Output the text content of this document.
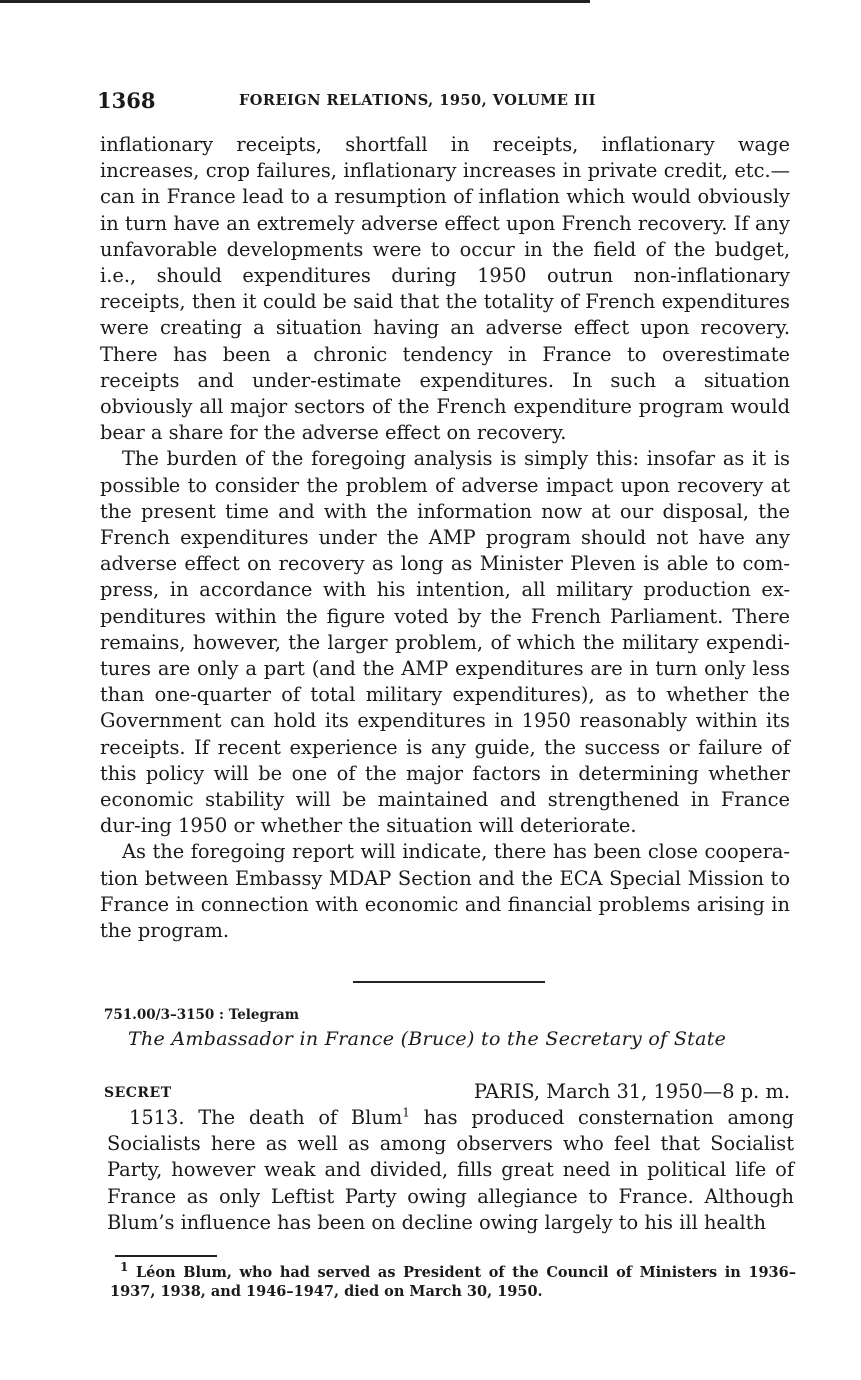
1368	FOREIGN RELATIONS, 1950, VOLUME III

inflationary receipts, shortfall in receipts, inflationary wage increases, crop failures, inflationary increases in private credit, etc.—can in France lead to a resumption of inflation which would obviously in turn have an extremely adverse effect upon French recovery. If any unfavorable developments were to occur in the field of the budget, i.e., should expenditures during 1950 outrun non-inflationary receipts, then it could be said that the totality of French expenditures were creating a situation having an adverse effect upon recovery. There has been a chronic tendency in France to overestimate receipts and under-estimate expenditures. In such a situation obviously all major sectors of the French expenditure program would bear a share for the adverse effect on recovery.

The burden of the foregoing analysis is simply this: insofar as it is possible to consider the problem of adverse impact upon recovery at the present time and with the information now at our disposal, the French expenditures under the AMP program should not have any adverse effect on recovery as long as Minister Pleven is able to com-press, in accordance with his intention, all military production ex-penditures within the figure voted by the French Parliament. There remains, however, the larger problem, of which the military expendi-tures are only a part (and the AMP expenditures are in turn only less than one-quarter of total military expenditures), as to whether the Government can hold its expenditures in 1950 reasonably within its receipts. If recent experience is any guide, the success or failure of this policy will be one of the major factors in determining whether economic stability will be maintained and strengthened in France dur-ing 1950 or whether the situation will deteriorate.

As the foregoing report will indicate, there has been close coopera-tion between Embassy MDAP Section and the ECA Special Mission to France in connection with economic and financial problems arising in the program.

751.00/3–3150 : Telegram
The Ambassador in France (Bruce) to the Secretary of State
SECRET	PARIS, March 31, 1950—8 p. m.

1513. The death of Blum$^1$ has produced consternation among Socialists here as well as among observers who feel that Socialist Party, however weak and divided, fills great need in political life of France as only Leftist Party owing allegiance to France. Although Blum’s influence has been on decline owing largely to his ill health

$^1$ Léon Blum, who had served as President of the Council of Ministers in 1936–1937, 1938, and 1946–1947, died on March 30, 1950.
